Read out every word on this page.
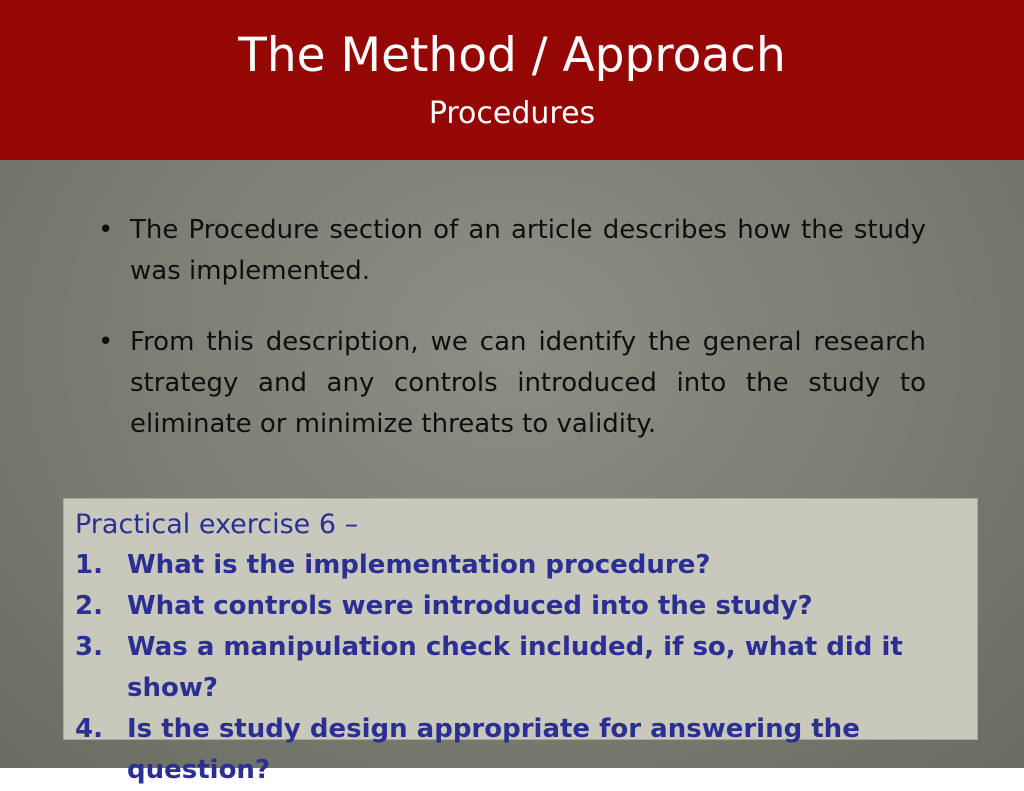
The Method / Approach
Procedures
• The Procedure section of an article describes how the study was implemented.
• From this description, we can identify the general research strategy and any controls introduced into the study to eliminate or minimize threats to validity.
Practical exercise 6 –
1. What is the implementation procedure?
2. What controls were introduced into the study?
3. Was a manipulation check included, if so, what did it show?
4. Is the study design appropriate for answering the question?
